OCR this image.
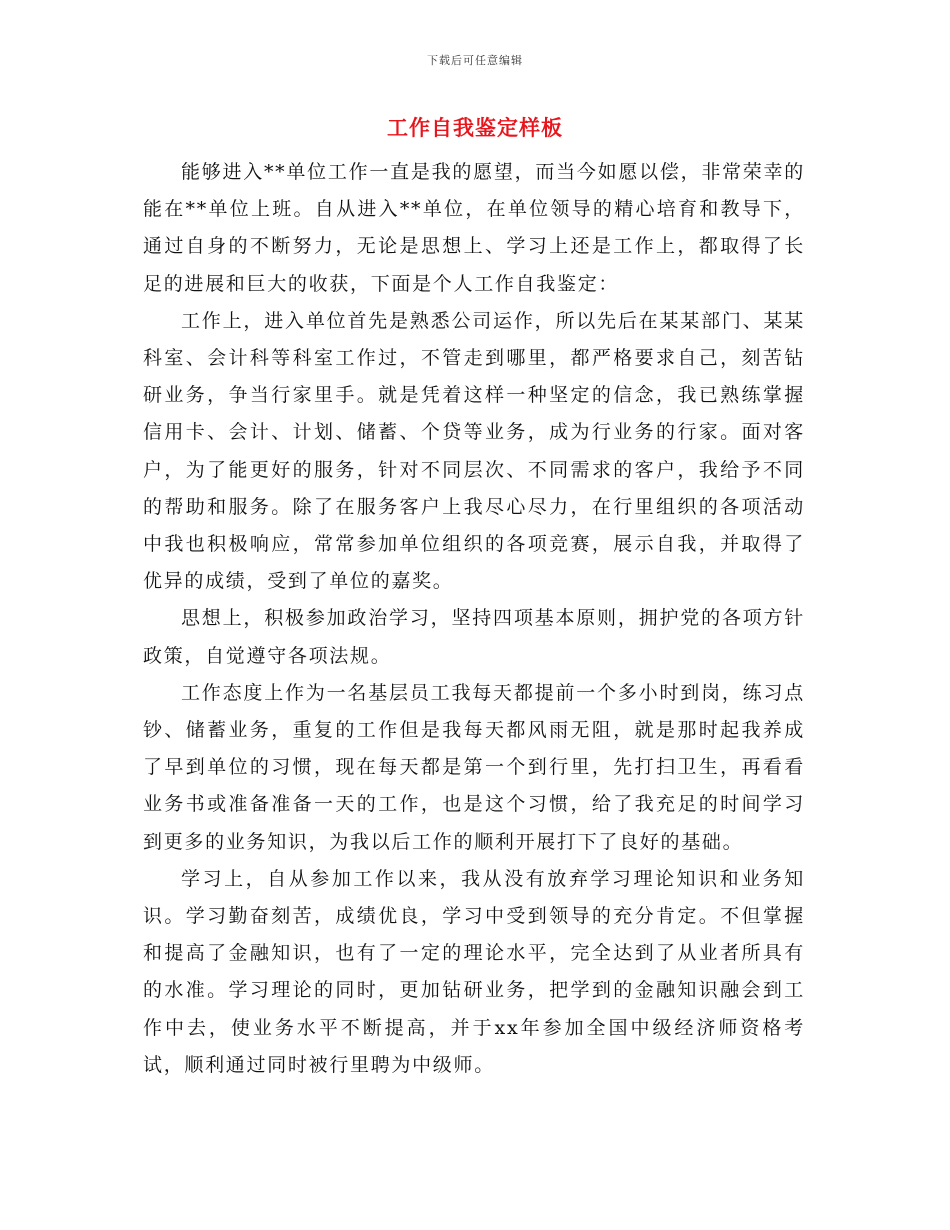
下载后可任意编辑
工作自我鉴定样板

能够进入**单位工作一直是我的愿望，而当今如愿以偿，非常荣幸的能在**单位上班。自从进入**单位，在单位领导的精心培育和教导下，通过自身的不断努力，无论是思想上、学习上还是工作上，都取得了长足的进展和巨大的收获，下面是个人工作自我鉴定：

工作上，进入单位首先是熟悉公司运作，所以先后在某某部门、某某科室、会计科等科室工作过，不管走到哪里，都严格要求自己，刻苦钻研业务，争当行家里手。就是凭着这样一种坚定的信念，我已熟练掌握信用卡、会计、计划、储蓄、个贷等业务，成为行业务的行家。面对客户，为了能更好的服务，针对不同层次、不同需求的客户，我给予不同的帮助和服务。除了在服务客户上我尽心尽力，在行里组织的各项活动中我也积极响应，常常参加单位组织的各项竞赛，展示自我，并取得了优异的成绩，受到了单位的嘉奖。

思想上，积极参加政治学习，坚持四项基本原则，拥护党的各项方针政策，自觉遵守各项法规。

工作态度上作为一名基层员工我每天都提前一个多小时到岗，练习点钞、储蓄业务，重复的工作但是我每天都风雨无阻，就是那时起我养成了早到单位的习惯，现在每天都是第一个到行里，先打扫卫生，再看看业务书或准备准备一天的工作，也是这个习惯，给了我充足的时间学习到更多的业务知识，为我以后工作的顺利开展打下了良好的基础。

学习上，自从参加工作以来，我从没有放弃学习理论知识和业务知识。学习勤奋刻苦，成绩优良，学习中受到领导的充分肯定。不但掌握和提高了金融知识，也有了一定的理论水平，完全达到了从业者所具有的水准。学习理论的同时，更加钻研业务，把学到的金融知识融会到工作中去，使业务水平不断提高，并于xx年参加全国中级经济师资格考试，顺利通过同时被行里聘为中级师。
